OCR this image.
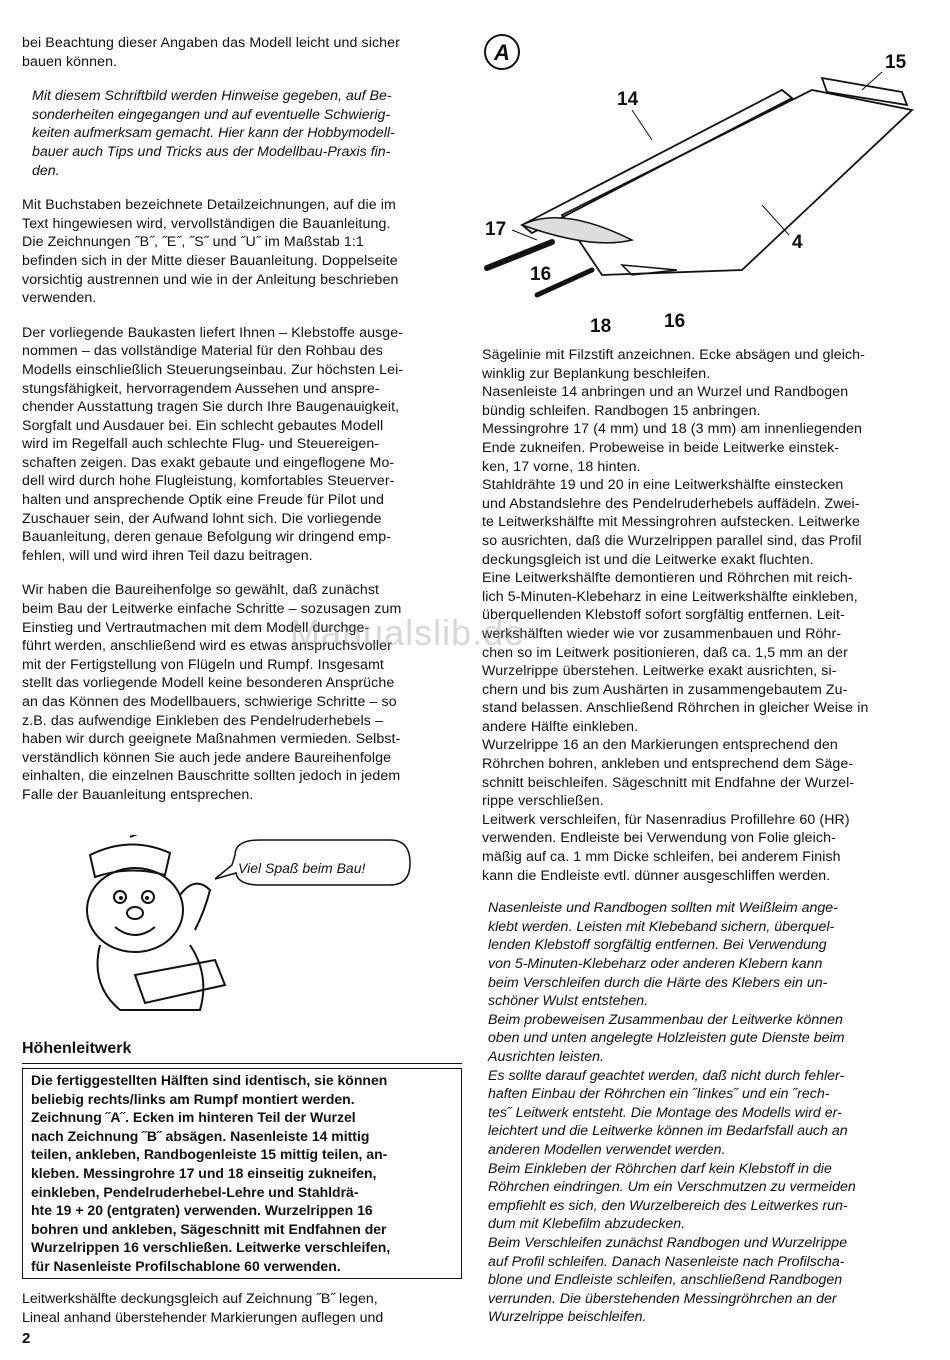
bei Beachtung dieser Angaben das Modell leicht und sicher
bauen können.

Mit diesem Schriftbild werden Hinweise gegeben, auf Be-
sonderheiten eingegangen und auf eventuelle Schwierig-
keiten aufmerksam gemacht. Hier kann der Hobbymodell-
bauer auch Tips und Tricks aus der Modellbau-Praxis fin-
den.

Mit Buchstaben bezeichnete Detailzeichnungen, auf die im
Text hingewiesen wird, vervollständigen die Bauanleitung.
Die Zeichnungen ˝B˝, ˝E˝, ˝S˝ und ˝U˝ im Maßstab 1:1
befinden sich in der Mitte dieser Bauanleitung. Doppelseite
vorsichtig austrennen und wie in der Anleitung beschrieben
verwenden.

Der vorliegende Baukasten liefert Ihnen – Klebstoffe ausge-
nommen – das vollständige Material für den Rohbau des
Modells einschließlich Steuerungseinbau. Zur höchsten Lei-
stungsfähigkeit, hervorragendem Aussehen und anspre-
chender Ausstattung tragen Sie durch Ihre Baugenauigkeit,
Sorgfalt und Ausdauer bei. Ein schlecht gebautes Modell
wird im Regelfall auch schlechte Flug- und Steuereigen-
schaften zeigen. Das exakt gebaute und eingeflogene Mo-
dell wird durch hohe Flugleistung, komfortables Steuerver-
halten und ansprechende Optik eine Freude für Pilot und
Zuschauer sein, der Aufwand lohnt sich. Die vorliegende
Bauanleitung, deren genaue Befolgung wir dringend emp-
fehlen, will und wird ihren Teil dazu beitragen.

Wir haben die Baureihenfolge so gewählt, daß zunächst
beim Bau der Leitwerke einfache Schritte – sozusagen zum
Einstieg und Vertrautmachen mit dem Modell durchge-
führt werden, anschließend wird es etwas anspruchsvoller
mit der Fertigstellung von Flügeln und Rumpf. Insgesamt
stellt das vorliegende Modell keine besonderen Ansprüche
an das Können des Modellbauers, schwierige Schritte – so
z.B. das aufwendige Einkleben des Pendelruderhebels –
haben wir durch geeignete Maßnahmen vermieden. Selbst-
verständlich können Sie auch jede andere Baureihenfolge
einhalten, die einzelnen Bauschritte sollten jedoch in jedem
Falle der Bauanleitung entsprechen.

Viel Spaß beim Bau!
Höhenleitwerk
Die fertiggestellten Hälften sind identisch, sie können
beliebig rechts/links am Rumpf montiert werden.
Zeichnung ˝A˝. Ecken im hinteren Teil der Wurzel
nach Zeichnung ˝B˝ absägen. Nasenleiste 14 mittig
teilen, ankleben, Randbogenleiste 15 mittig teilen, an-
kleben. Messingrohre 17 und 18 einseitig zukneifen,
einkleben, Pendelruderhebel-Lehre und Stahldrä-
hte 19 + 20 (entgraten) verwenden. Wurzelrippen 16
bohren und ankleben, Sägeschnitt mit Endfahnen der
Wurzelrippen 16 verschließen. Leitwerke verschleifen,
für Nasenleiste Profilschablone 60 verwenden.

Leitwerkshälfte deckungsgleich auf Zeichnung ˝B˝ legen,
Lineal anhand überstehender Markierungen auflegen und

2
A	15
14
4
17
16
18	16

Sägelinie mit Filzstift anzeichnen. Ecke absägen und gleich-
winklig zur Beplankung beschleifen.
Nasenleiste 14 anbringen und an Wurzel und Randbogen
bündig schleifen. Randbogen 15 anbringen.
Messingrohre 17 (4 mm) und 18 (3 mm) am innenliegenden
Ende zukneifen. Probeweise in beide Leitwerke einstek-
ken, 17 vorne, 18 hinten.
Stahldrähte 19 und 20 in eine Leitwerkshälfte einstecken
und Abstandslehre des Pendelruderhebels auffädeln. Zwei-
te Leitwerkshälfte mit Messingrohren aufstecken. Leitwerke
so ausrichten, daß die Wurzelrippen parallel sind, das Profil
deckungsgleich ist und die Leitwerke exakt fluchten.
Eine Leitwerkshälfte demontieren und Röhrchen mit reich-
lich 5-Minuten-Klebeharz in eine Leitwerkshälfte einkleben,
überquellenden Klebstoff sofort sorgfältig entfernen. Leit-
werkshälften wieder wie vor zusammenbauen und Röhr-
chen so im Leitwerk positionieren, daß ca. 1,5 mm an der
Wurzelrippe überstehen. Leitwerke exakt ausrichten, si-
chern und bis zum Aushärten in zusammengebautem Zu-
stand belassen. Anschließend Röhrchen in gleicher Weise in
andere Hälfte einkleben.
Wurzelrippe 16 an den Markierungen entsprechend den
Röhrchen bohren, ankleben und entsprechend dem Säge-
schnitt beischleifen. Sägeschnitt mit Endfahne der Wurzel-
rippe verschließen.
Leitwerk verschleifen, für Nasenradius Profillehre 60 (HR)
verwenden. Endleiste bei Verwendung von Folie gleich-
mäßig auf ca. 1 mm Dicke schleifen, bei anderem Finish
kann die Endleiste evtl. dünner ausgeschliffen werden.

Nasenleiste und Randbogen sollten mit Weißleim ange-
klebt werden. Leisten mit Klebeband sichern, überquel-
lenden Klebstoff sorgfältig entfernen. Bei Verwendung
von 5-Minuten-Klebeharz oder anderen Klebern kann
beim Verschleifen durch die Härte des Klebers ein un-
schöner Wulst entstehen.
Beim probeweisen Zusammenbau der Leitwerke können
oben und unten angelegte Holzleisten gute Dienste beim
Ausrichten leisten.
Es sollte darauf geachtet werden, daß nicht durch fehler-
haften Einbau der Röhrchen ein ˝linkes˝ und ein ˝rech-
tes˝ Leitwerk entsteht. Die Montage des Modells wird er-
leichtert und die Leitwerke können im Bedarfsfall auch an
anderen Modellen verwendet werden.
Beim Einkleben der Röhrchen darf kein Klebstoff in die
Röhrchen eindringen. Um ein Verschmutzen zu vermeiden
empfiehlt es sich, den Wurzelbereich des Leitwerkes run-
dum mit Klebefilm abzudecken.
Beim Verschleifen zunächst Randbogen und Wurzelrippe
auf Profil schleifen. Danach Nasenleiste nach Profilscha-
blone und Endleiste schleifen, anschließend Randbogen
verrunden. Die überstehenden Messingröhrchen an der
Wurzelrippe beischleifen.

Manualslib.de
